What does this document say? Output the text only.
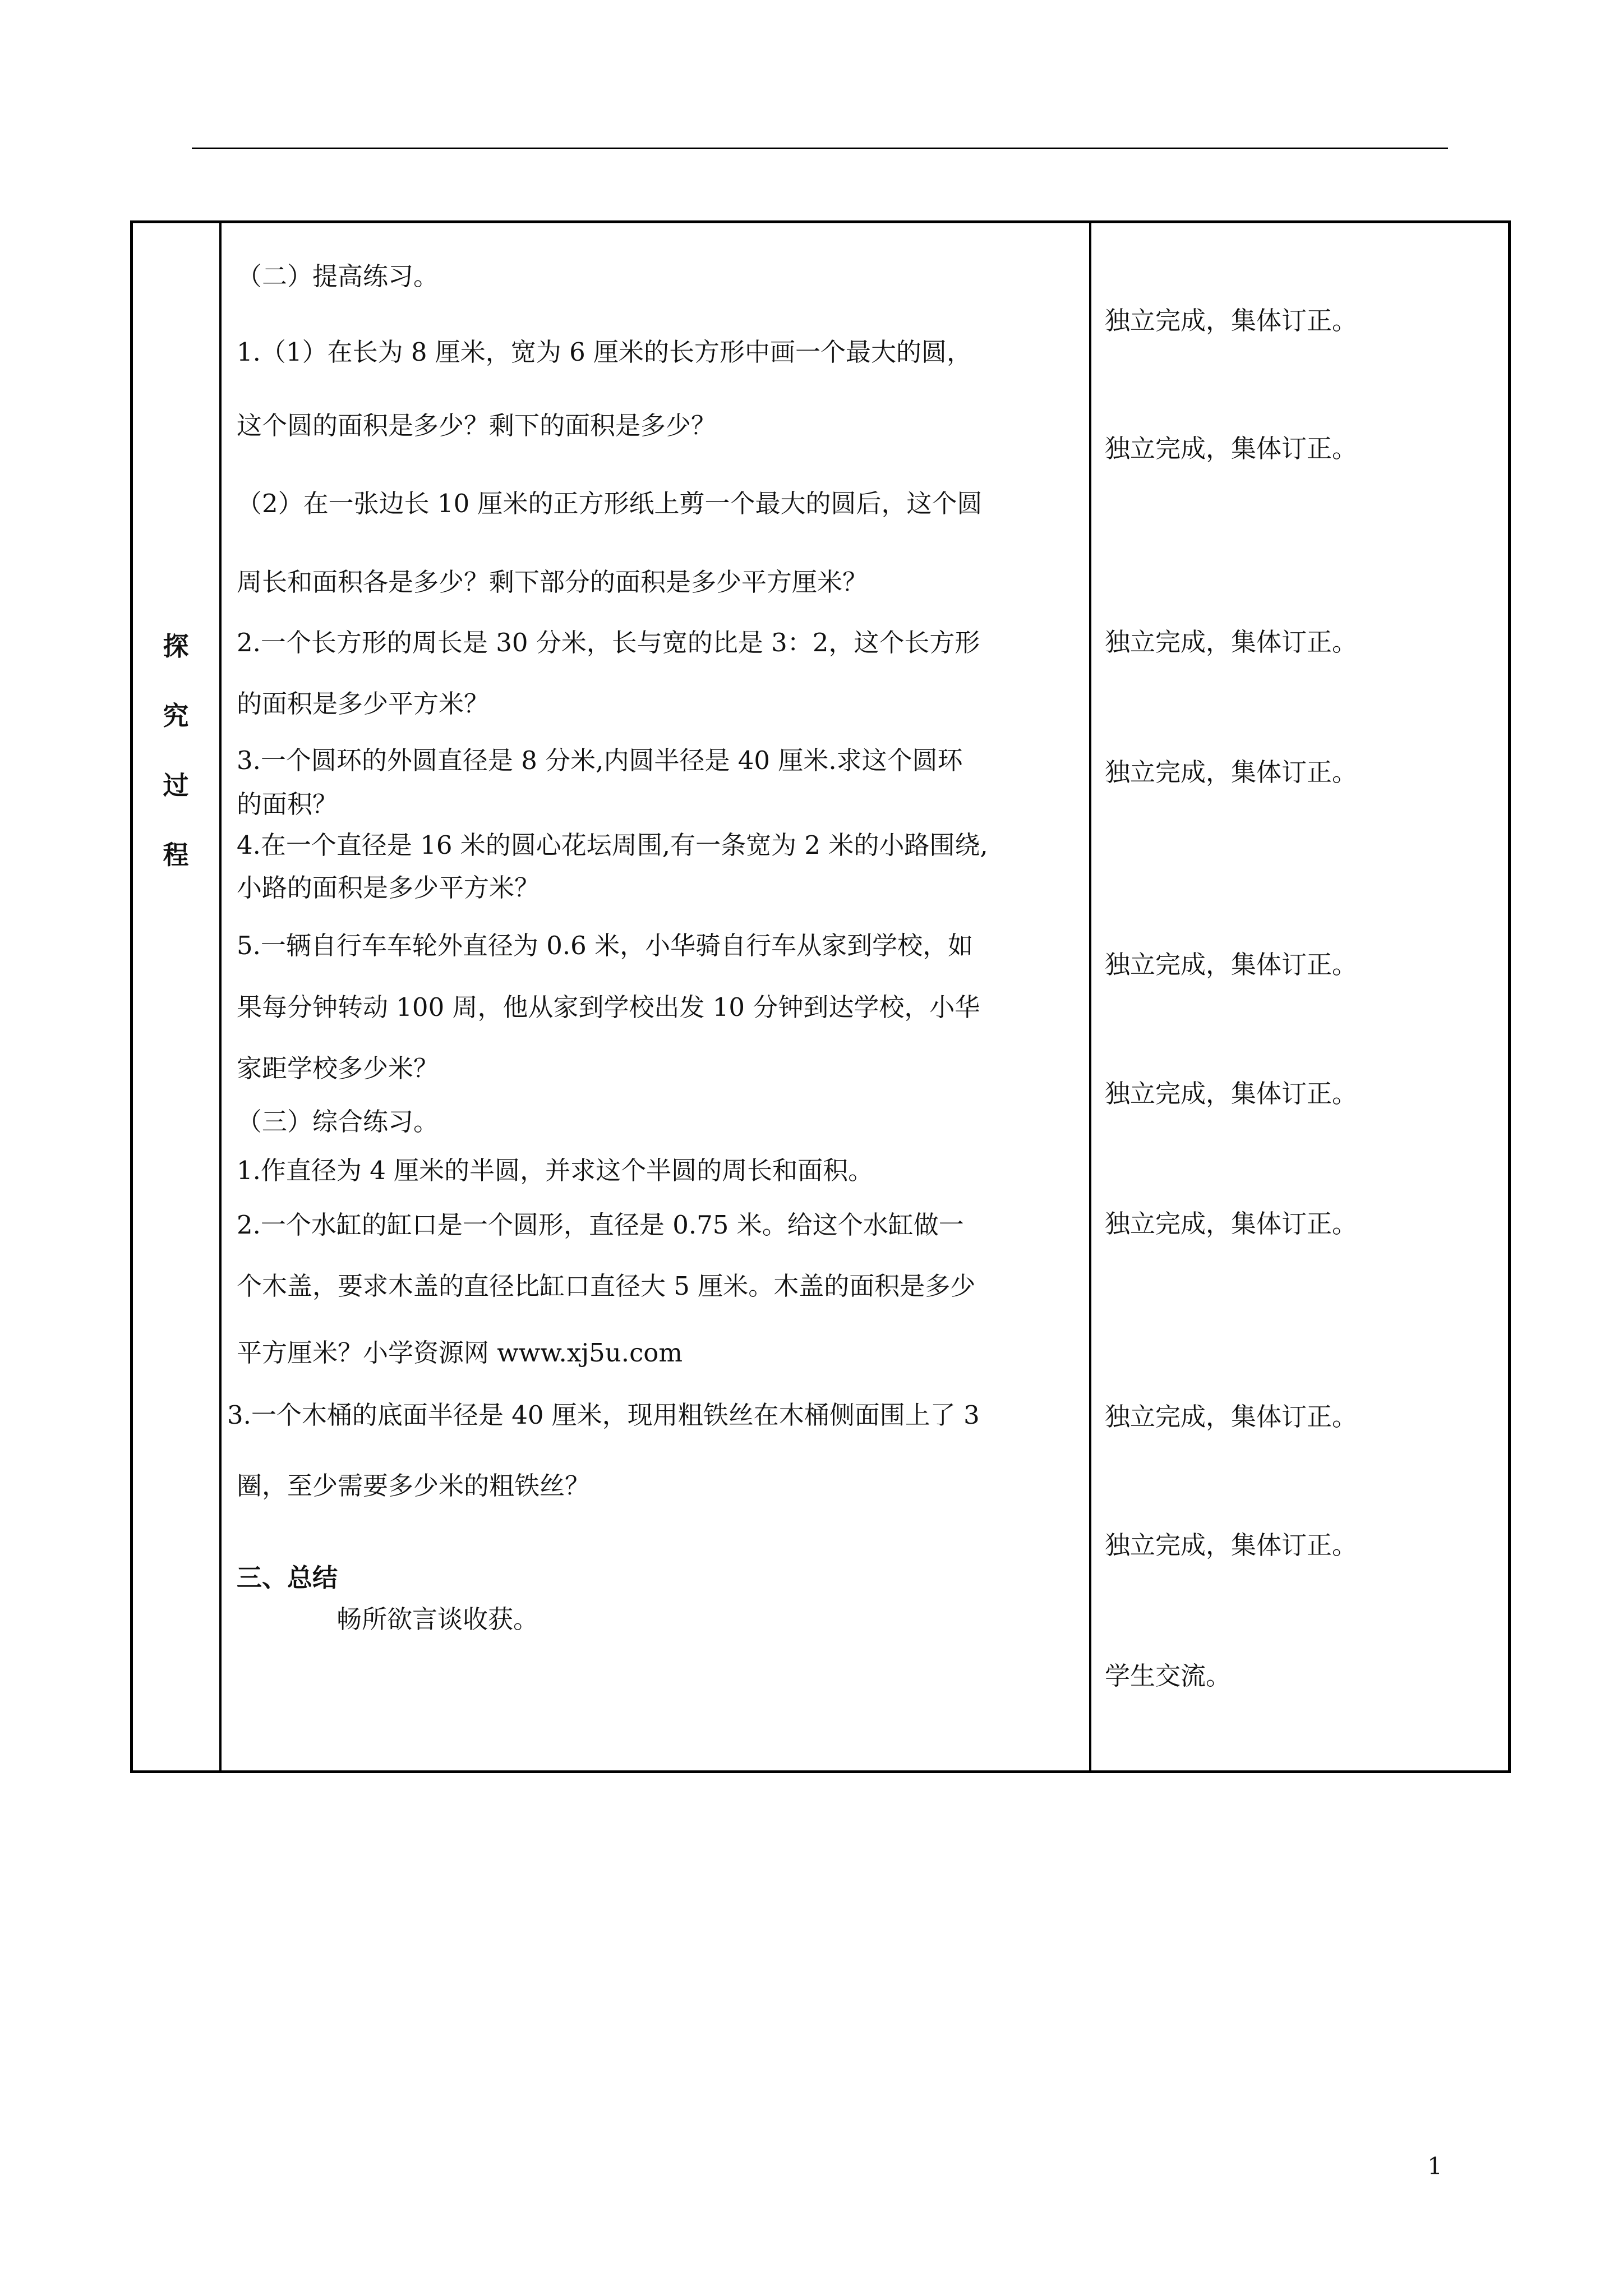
探
究
过
程
（二）提高练习。
1.（1）在长为 8 厘米，宽为 6 厘米的长方形中画一个最大的圆，
这个圆的面积是多少？剩下的面积是多少？
（2）在一张边长 10 厘米的正方形纸上剪一个最大的圆后，这个圆
周长和面积各是多少？剩下部分的面积是多少平方厘米？
2.一个长方形的周长是 30 分米，长与宽的比是 3：2，这个长方形
的面积是多少平方米？
3.一个圆环的外圆直径是 8 分米,内圆半径是 40 厘米.求这个圆环
的面积？
4.在一个直径是 16 米的圆心花坛周围,有一条宽为 2 米的小路围绕,
小路的面积是多少平方米？
5.一辆自行车车轮外直径为 0.6 米，小华骑自行车从家到学校，如
果每分钟转动 100 周，他从家到学校出发 10 分钟到达学校，小华
家距学校多少米？
（三）综合练习。
1.作直径为 4 厘米的半圆，并求这个半圆的周长和面积。
2.一个水缸的缸口是一个圆形，直径是 0.75 米。给这个水缸做一
个木盖，要求木盖的直径比缸口直径大 5 厘米。木盖的面积是多少
平方厘米？小学资源网 www.xj5u.com
3.一个木桶的底面半径是 40 厘米，现用粗铁丝在木桶侧面围上了 3
圈，至少需要多少米的粗铁丝？
三、总结
畅所欲言谈收获。
独立完成，集体订正。
独立完成，集体订正。
独立完成，集体订正。
独立完成，集体订正。
独立完成，集体订正。
独立完成，集体订正。
独立完成，集体订正。
独立完成，集体订正。
独立完成，集体订正。
学生交流。
1
